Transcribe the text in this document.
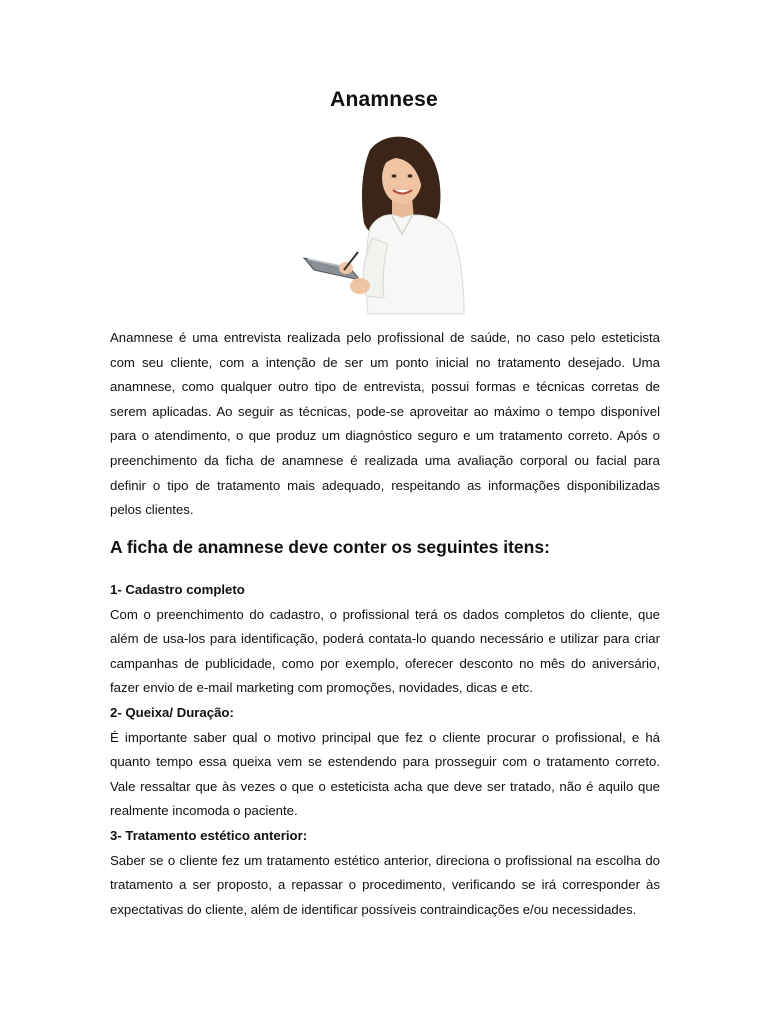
Anamnese
Anamnese é uma entrevista realizada pelo profissional de saúde, no caso pelo esteticista com seu cliente, com a intenção de ser um ponto inicial no tratamento desejado. Uma anamnese, como qualquer outro tipo de entrevista, possui formas e técnicas corretas de serem aplicadas. Ao seguir as técnicas, pode-se aproveitar ao máximo o tempo disponível para o atendimento, o que produz um diagnóstico seguro e um tratamento correto. Após o preenchimento da ficha de anamnese é realizada uma avaliação corporal ou facial para definir o tipo de tratamento mais adequado, respeitando as informações disponibilizadas pelos clientes.
A ficha de anamnese deve conter os seguintes itens:
1- Cadastro completo
Com o preenchimento do cadastro, o profissional terá os dados completos do cliente, que além de usa-los para identificação, poderá contata-lo quando necessário e utilizar para criar campanhas de publicidade, como por exemplo, oferecer desconto no mês do aniversário, fazer envio de e-mail marketing com promoções, novidades, dicas e etc.
2- Queixa/ Duração:
É importante saber qual o motivo principal que fez o cliente procurar o profissional, e há quanto tempo essa queixa vem se estendendo para prosseguir com o tratamento correto. Vale ressaltar que às vezes o que o esteticista acha que deve ser tratado, não é aquilo que realmente incomoda o paciente.
3- Tratamento estético anterior:
Saber se o cliente fez um tratamento estético anterior, direciona o profissional na escolha do tratamento a ser proposto, a repassar o procedimento, verificando se irá corresponder às expectativas do cliente, além de identificar possíveis contraindicações e/ou necessidades.
